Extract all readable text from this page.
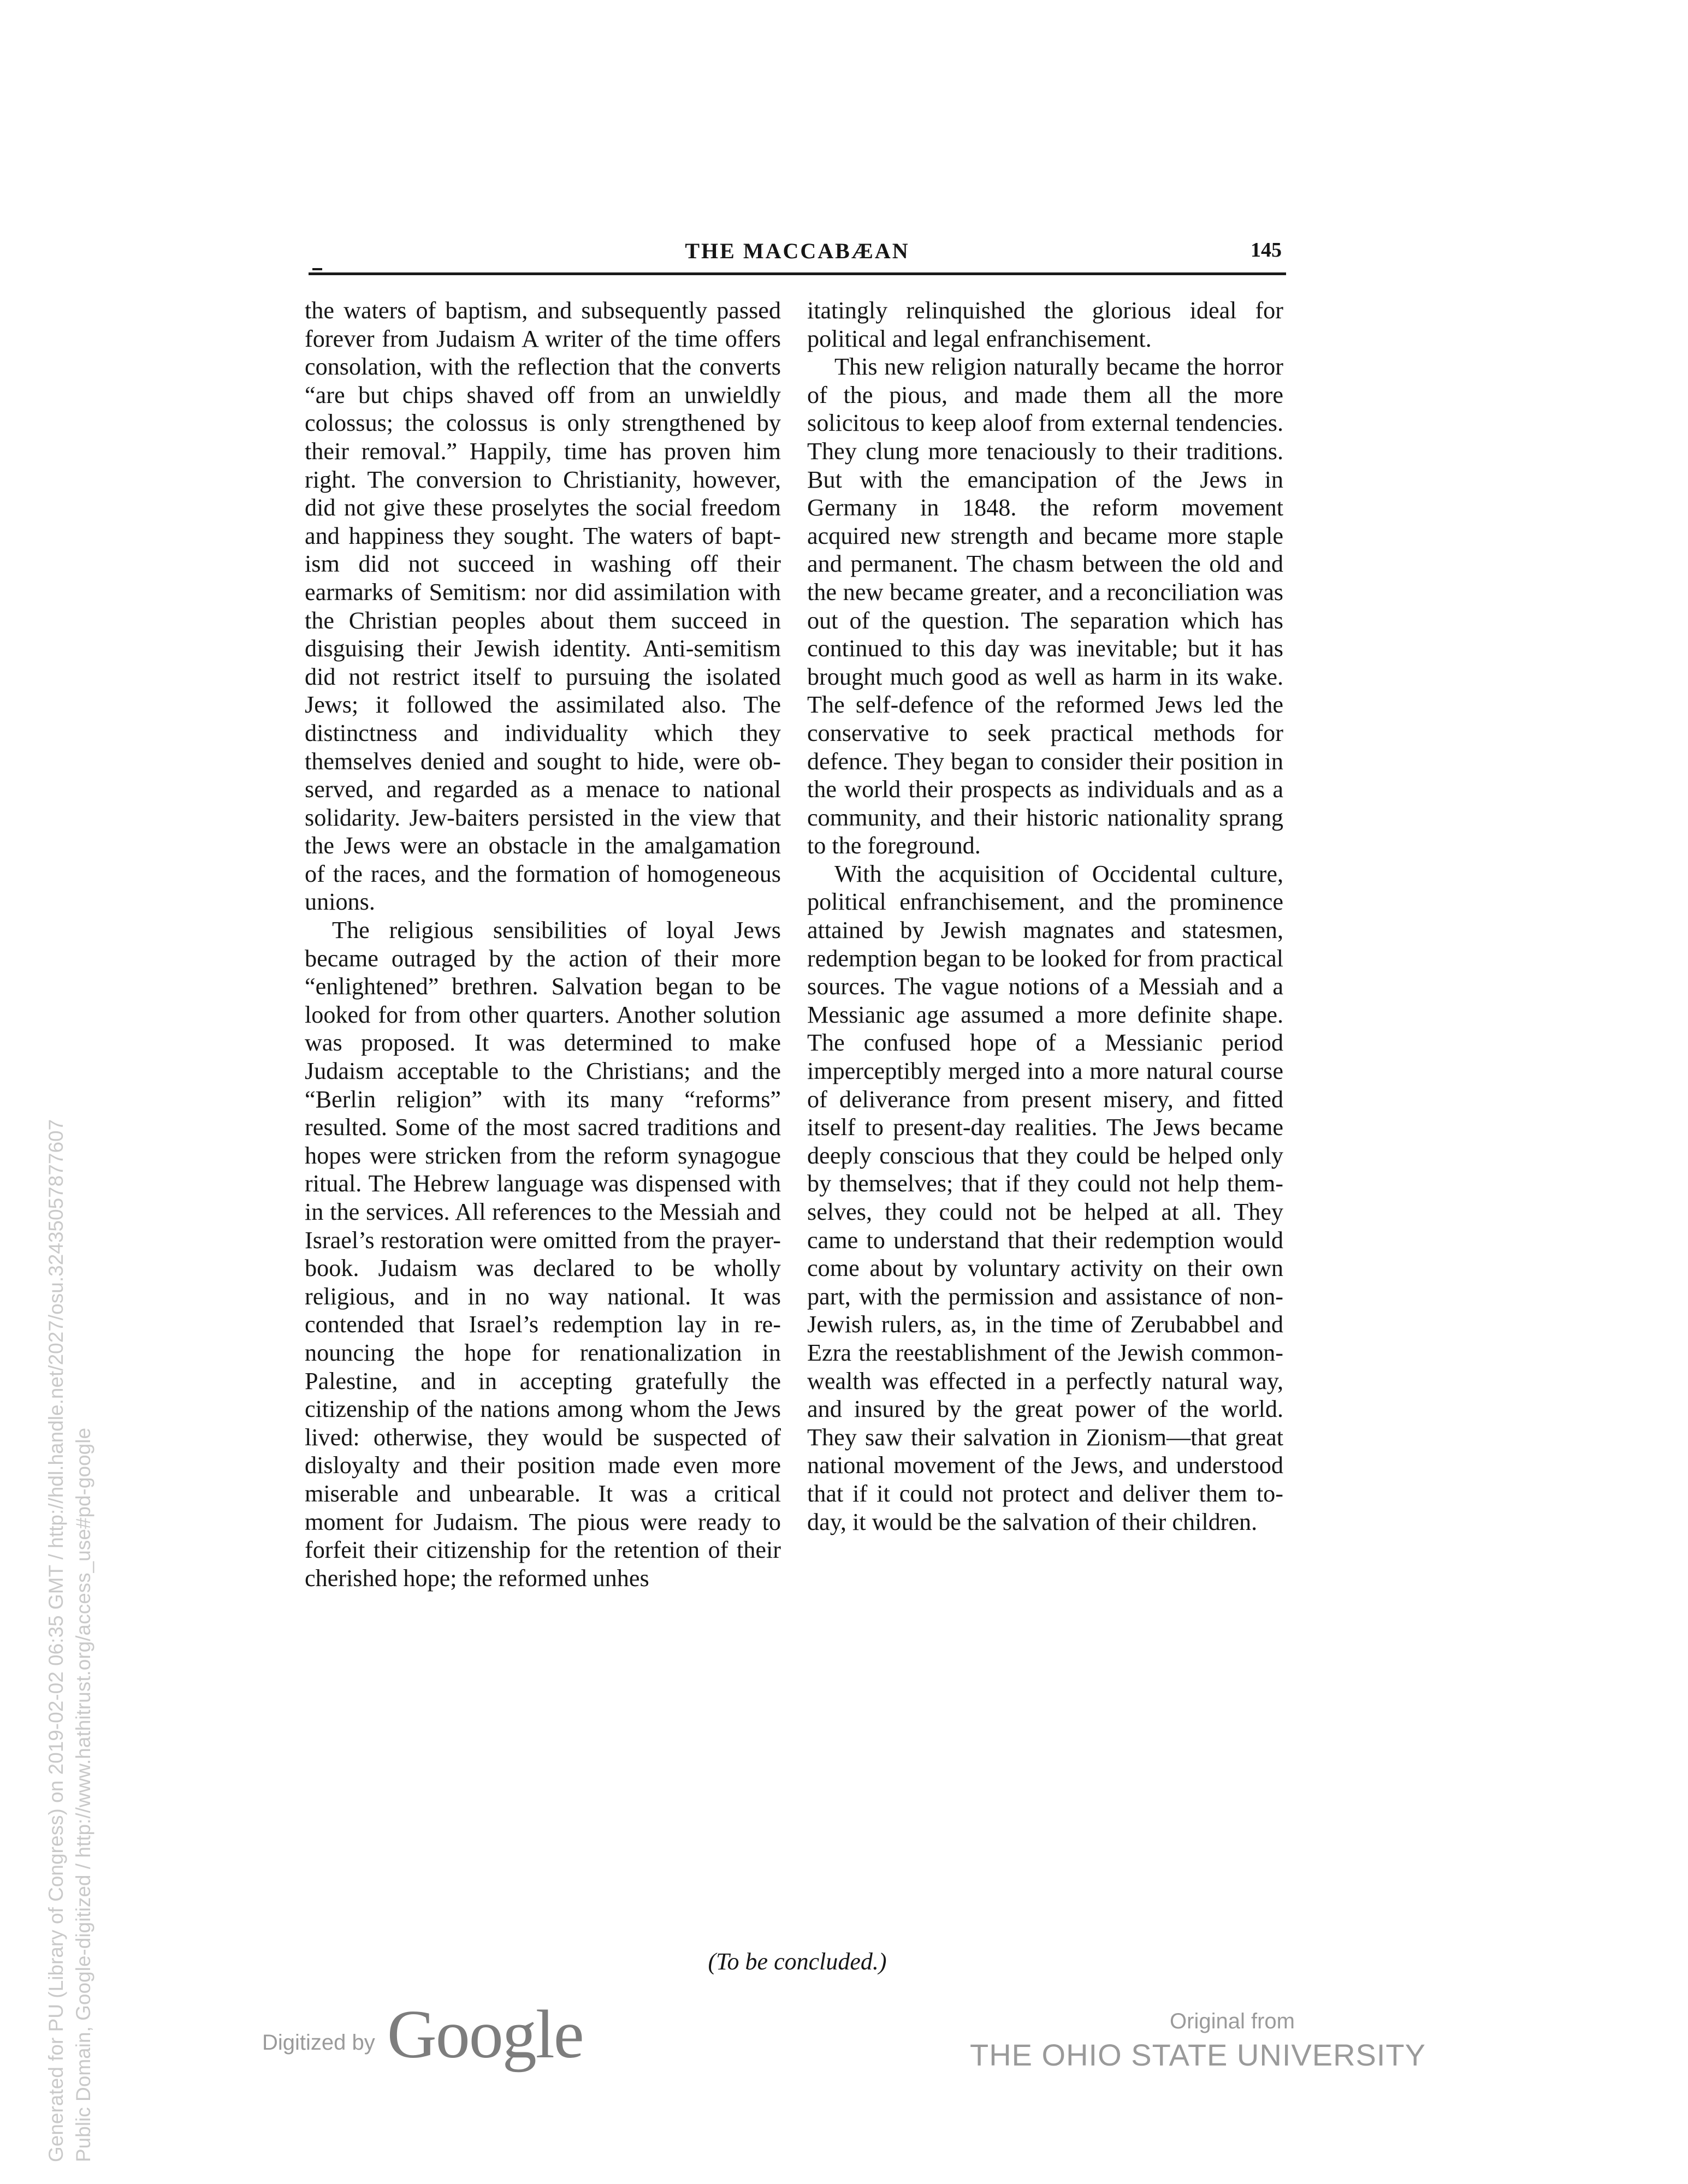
THE MACCABÆAN	145

the waters of baptism, and subsequently passed forever from Judaism A writer of the time offers consolation, with the reflection that the converts “are but chips shaved off from an unwieldly colossus; the colossus is only strengthened by their removal.” Happily, time has proven him right. The conversion to Christianity, however, did not give these proselytes the social freedom and happiness they sought. The waters of baptism did not succeed in washing off their earmarks of Semitism: nor did assimilation with the Christian peoples about them succeed in disguising their Jewish identity. Anti-semitism did not restrict itself to pursuing the isolated Jews; it followed the assimilated also. The distinctness and individuality which they themselves denied and sought to hide, were observed, and regarded as a menace to national solidarity. Jew-baiters persisted in the view that the Jews were an obstacle in the amalgamation of the races, and the formation of homogeneous unions.

The religious sensibilities of loyal Jews became outraged by the action of their more “enlightened” brethren. Salvation began to be looked for from other quarters. Another solution was proposed. It was determined to make Judaism acceptable to the Christians; and the “Berlin religion” with its many “reforms” resulted. Some of the most sacred traditions and hopes were stricken from the reform synagogue ritual. The Hebrew language was dispensed with in the services. All references to the Messiah and Israel’s restoration were omitted from the prayer-book. Judaism was declared to be wholly religious, and in no way national. It was contended that Israel’s redemption lay in renouncing the hope for renationalization in Palestine, and in accepting gratefully the citizenship of the nations among whom the Jews lived: otherwise, they would be suspected of disloyalty and their position made even more miserable and unbearable. It was a critical moment for Judaism. The pious were ready to forfeit their citizenship for the retention of their cherished hope; the reformed unhes

itatingly relinquished the glorious ideal for political and legal enfranchisement.

This new religion naturally became the horror of the pious, and made them all the more solicitous to keep aloof from external tendencies. They clung more tenaciously to their traditions. But with the emancipation of the Jews in Germany in 1848. the reform movement acquired new strength and became more staple and permanent. The chasm between the old and the new became greater, and a reconciliation was out of the question. The separation which has continued to this day was inevitable; but it has brought much good as well as harm in its wake. The self-defence of the reformed Jews led the conservative to seek practical methods for defence. They began to consider their position in the world their prospects as individuals and as a community, and their historic nationality sprang to the foreground.

With the acquisition of Occidental culture, political enfranchisement, and the prominence attained by Jewish magnates and statesmen, redemption began to be looked for from practical sources. The vague notions of a Messiah and a Messianic age assumed a more definite shape. The confused hope of a Messianic period imperceptibly merged into a more natural course of deliverance from present misery, and fitted itself to present-day realities. The Jews became deeply conscious that they could be helped only by themselves; that if they could not help themselves, they could not be helped at all. They came to understand that their redemption would come about by voluntary activity on their own part, with the permission and assistance of non-Jewish rulers, as, in the time of Zerubabbel and Ezra the reestablishment of the Jewish commonwealth was effected in a perfectly natural way, and insured by the great power of the world. They saw their salvation in Zionism—that great national movement of the Jews, and understood that if it could not protect and deliver them to-day, it would be the salvation of their children.

(To be concluded.)
Digitized by Google	Original from
THE OHIO STATE UNIVERSITY
Generated for PU (Library of Congress) on 2019-02-02 06:35 GMT / http://hdl.handle.net/2027/osu.32435057877607 Public Domain, Google-digitized / http://www.hathitrust.org/access_use#pd-google
